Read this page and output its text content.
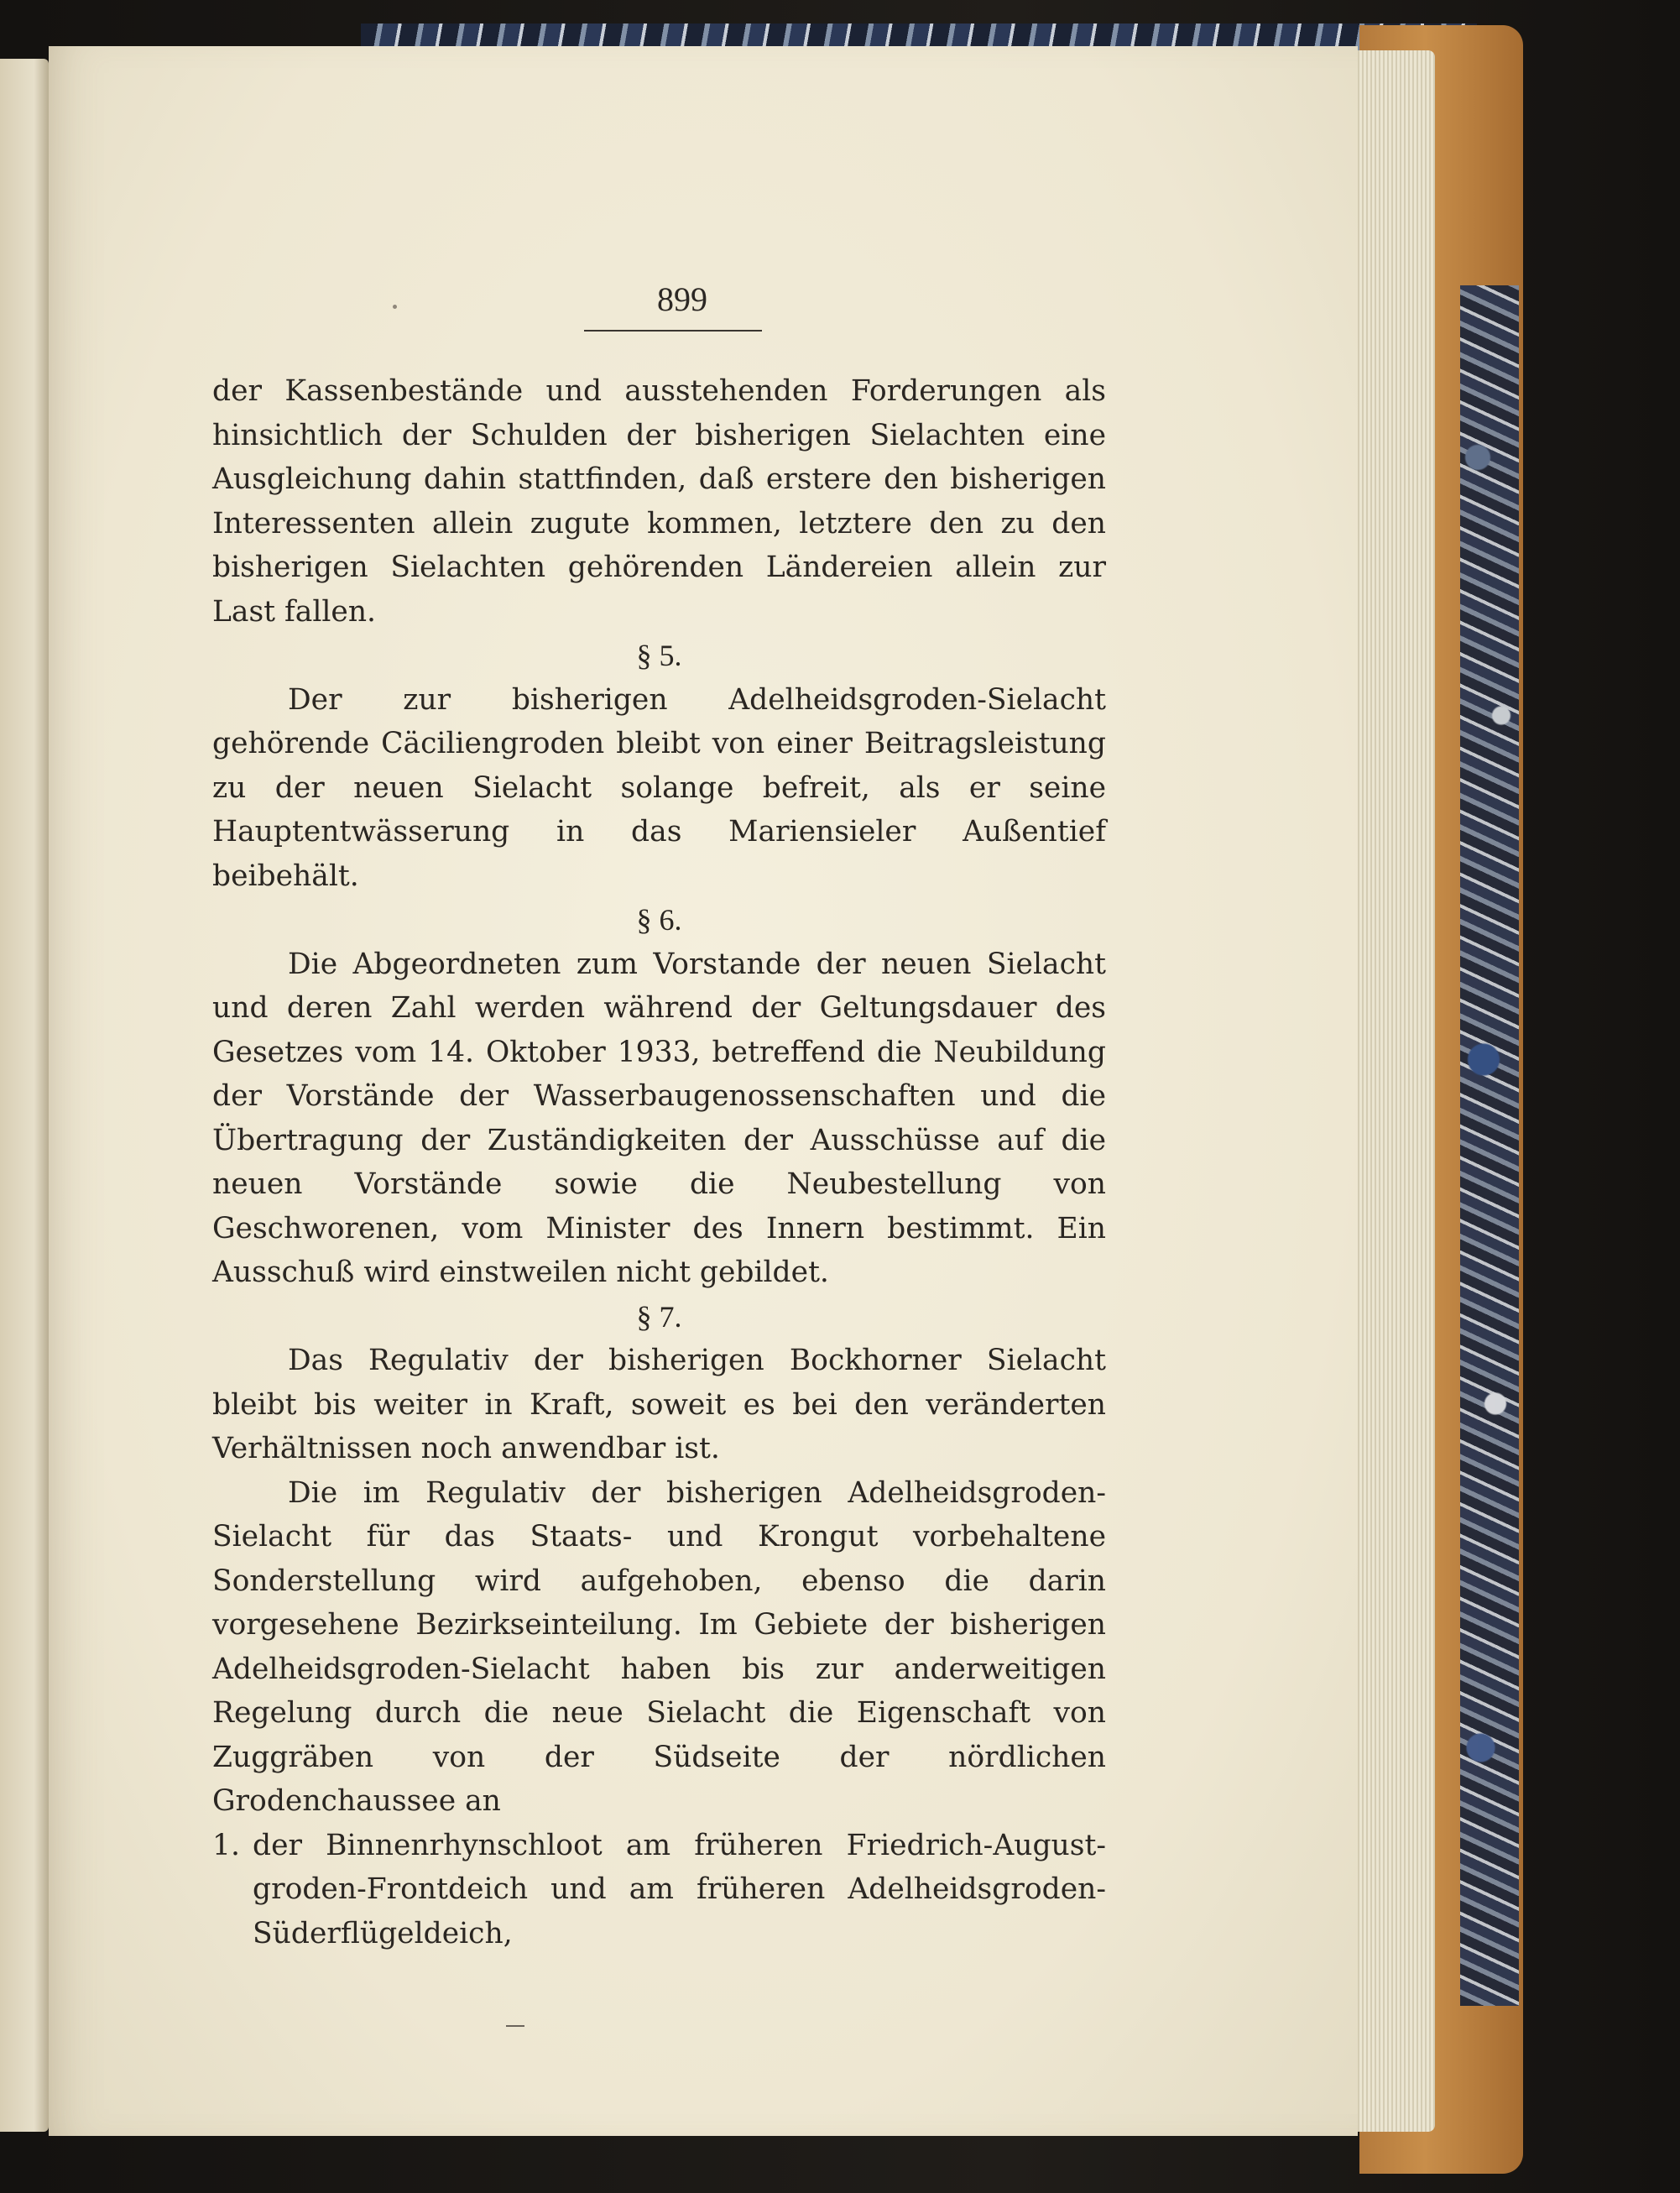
899

der Kassenbestände und ausstehenden Forderungen als hinsichtlich der Schulden der bisherigen Sielachten eine Ausgleichung dahin stattfinden, daß erstere den bisherigen Interessenten allein zugute kommen, letztere den zu den bisherigen Sielachten gehörenden Ländereien allein zur Last fallen.

§ 5.

Der zur bisherigen Adelheidsgroden-Sielacht gehörende Cäciliengroden bleibt von einer Beitragsleistung zu der neuen Sielacht solange befreit, als er seine Hauptentwässerung in das Mariensieler Außentief beibehält.

§ 6.

Die Abgeordneten zum Vorstande der neuen Sielacht und deren Zahl werden während der Geltungsdauer des Gesetzes vom 14. Oktober 1933, betreffend die Neubildung der Vorstände der Wasserbaugenossenschaften und die Übertragung der Zuständigkeiten der Ausschüsse auf die neuen Vorstände sowie die Neubestellung von Geschworenen, vom Minister des Innern bestimmt. Ein Ausschuß wird einstweilen nicht gebildet.

§ 7.

Das Regulativ der bisherigen Bockhorner Sielacht bleibt bis weiter in Kraft, soweit es bei den veränderten Verhältnissen noch anwendbar ist.

Die im Regulativ der bisherigen Adelheidsgroden-Sielacht für das Staats- und Krongut vorbehaltene Sonderstellung wird aufgehoben, ebenso die darin vorgesehene Bezirkseinteilung. Im Gebiete der bisherigen Adelheidsgroden-Sielacht haben bis zur anderweitigen Regelung durch die neue Sielacht die Eigenschaft von Zuggräben von der Südseite der nördlichen Grodenchaussee an

1. der Binnenrhynschloot am früheren Friedrich-August-groden-Frontdeich und am früheren Adelheidsgroden-Süderflügeldeich,
